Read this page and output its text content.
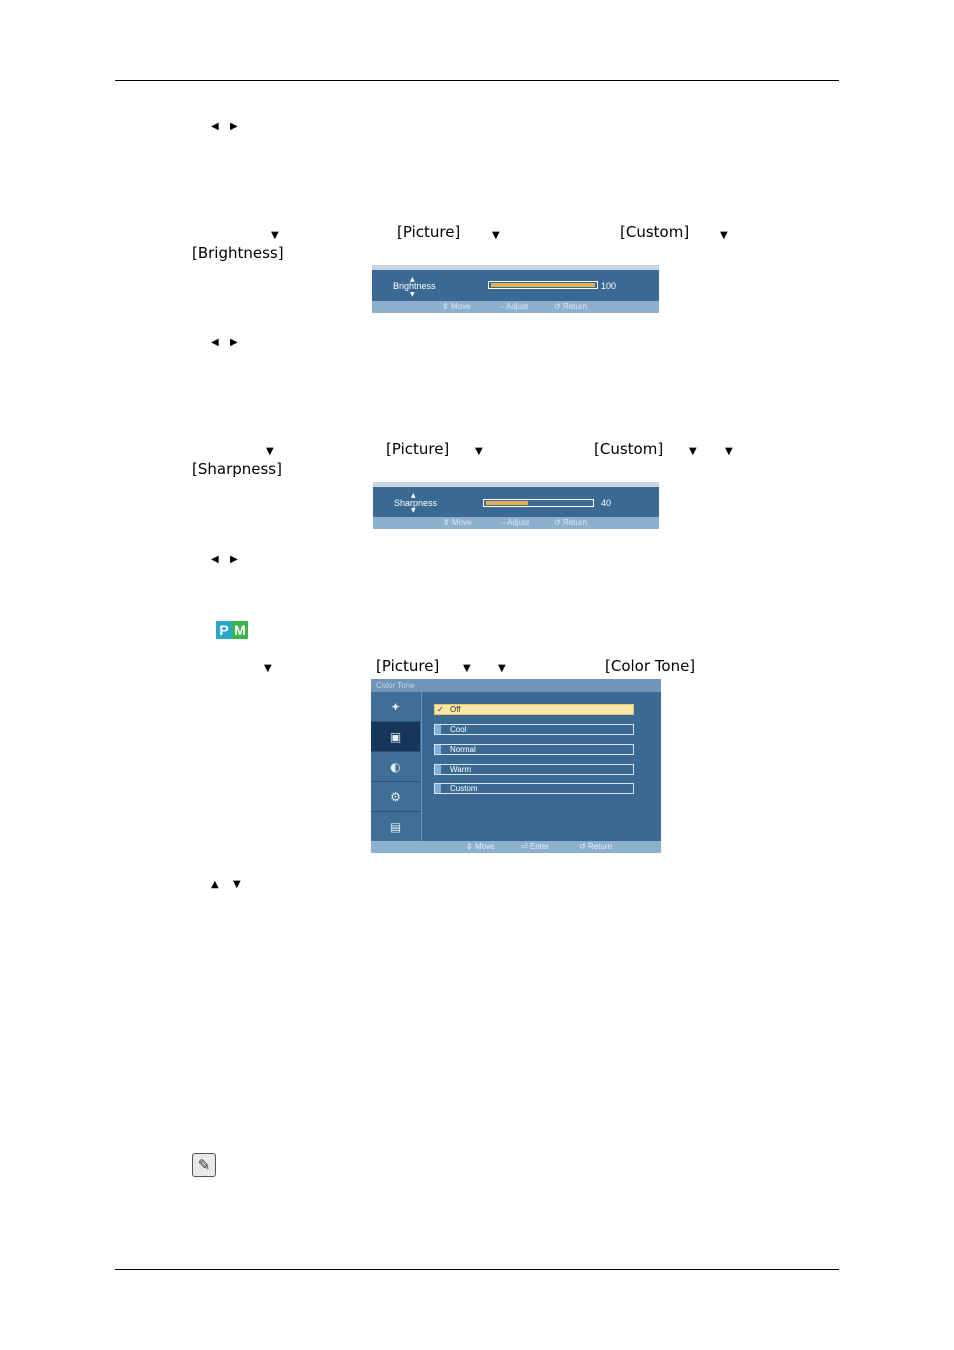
◀ ▶
▼	[Picture]	▼	[Custom]	▼
[Brightness]
▲
Brightness
▼
100
⇕ Move	⇔Adjust	↺ Return
◀ ▶
▼	[Picture]	▼	[Custom]	▼	▼
[Sharpness]
▲
Sharpness
▼
40
⇕ Move	⇔Adjust	↺ Return
◀ ▶
P M
▼	[Picture] ▼	▼	[Color Tone]
Color Tone
✦
▣
◐
⚙
▤
✓ Off
Cool
Normal
Warm
Custom
⇕ Move	⏎ Enter	↺ Return
▲ ▼
✎
